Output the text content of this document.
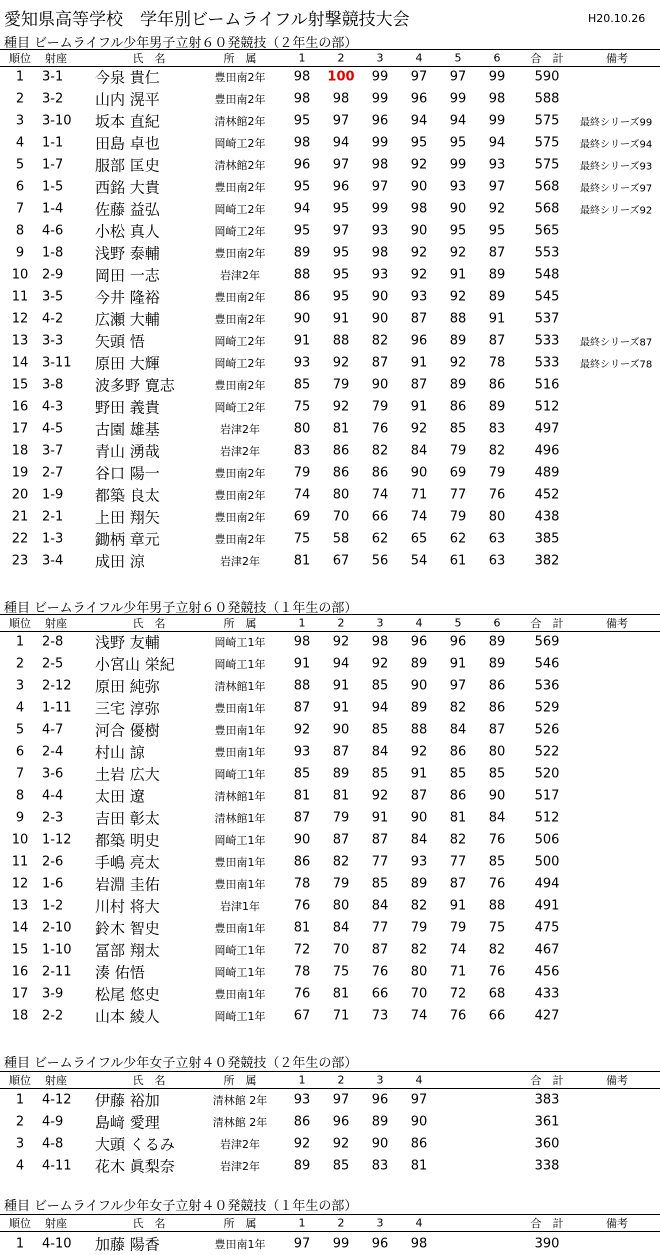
愛知県高等学校　学年別ビームライフル射撃競技大会	H20.10.26
種目 ビームライフル少年男子立射６０発競技（２年生の部）
順位 射座	氏　名	所　属	1	2	3	4	5	6	合　計	備考
1 3-1 今泉 貴仁	豊田南2年 98 100 99 97 97 99 590
2 3-2 山内 滉平	豊田南2年 98 98 99 96 99 98 588
3 3-10 坂本 直紀	清林館2年 95 97 96 94 94 99 575 最終シリーズ99
4 1-1 田島 卓也	岡崎工2年 98 94 99 95 95 94 575 最終シリーズ94
5 1-7 服部 匡史	清林館2年 96 97 98 92 99 93 575 最終シリーズ93
6 1-5 西銘 大貴	豊田南2年 95 96 97 90 93 97 568 最終シリーズ97
7 1-4 佐藤 益弘	岡崎工2年 94 95 99 98 90 92 568 最終シリーズ92
8 4-6 小松 真人	岡崎工2年 95 97 93 90 95 95 565
9 1-8 浅野 泰輔	豊田南2年 89 95 98 92 92 87 553
10 2-9 岡田 一志	岩津2年	88 95 93 92 91 89 548
11 3-5 今井 隆裕	豊田南2年 86 95 90 93 92 89 545
12 4-2 広瀬 大輔	豊田南2年 90 91 90 87 88 91 537
13 3-3 矢頭 悟	岡崎工2年 91 88 82 96 89 87 533 最終シリーズ87
14 3-11 原田 大輝	岡崎工2年 93 92 87 91 92 78 533 最終シリーズ78
15 3-8 波多野 寛志	豊田南2年 85 79 90 87 89 86 516
16 4-3 野田 義貴	岡崎工2年 75 92 79 91 86 89 512
17 4-5 古園 雄基	岩津2年	80 81 76 92 85 83 497
18 3-7 青山 湧哉	岩津2年	83 86 82 84 79 82 496
19 2-7 谷口 陽一	豊田南2年 79 86 86 90 69 79 489
20 1-9 都築 良太	豊田南2年 74 80 74 71 77 76 452
21 2-1 上田 翔矢	豊田南2年 69 70 66 74 79 80 438
22 1-3 鋤柄 章元	豊田南2年 75 58 62 65 62 63 385
23 3-4 成田 涼	岩津2年	81 67 56 54 61 63 382
種目 ビームライフル少年男子立射６０発競技（１年生の部）
順位 射座	氏　名	所　属	1	2	3	4	5	6	合　計	備考
1 2-8 浅野 友輔	岡崎工1年 98 92 98 96 96 89 569
2 2-5 小宮山 栄紀	岡崎工1年 91 94 92 89 91 89 546
3 2-12 原田 純弥	清林館1年 88 91 85 90 97 86 536
4 1-11 三宅 淳弥	豊田南1年 87 91 94 89 82 86 529
5 4-7 河合 優樹	豊田南1年 92 90 85 88 84 87 526
6 2-4 村山 諒	豊田南1年 93 87 84 92 86 80 522
7 3-6 土岩 広大	岡崎工1年 85 89 85 91 85 85 520
8 4-4 太田 遼	清林館1年 81 81 92 87 86 90 517
9 2-3 吉田 彰太	清林館1年 87 79 91 90 81 84 512
10 1-12 都築 明史	岡崎工1年 90 87 87 84 82 76 506
11 2-6 手嶋 亮太	豊田南1年 86 82 77 93 77 85 500
12 1-6 岩淵 圭佑	豊田南1年 78 79 85 89 87 76 494
13 1-2 川村 将大	岩津1年	76 80 84 82 91 88 491
14 2-10 鈴木 智史	豊田南1年 81 84 77 79 79 75 475
15 1-10 冨部 翔太	岡崎工1年 72 70 87 82 74 82 467
16 2-11 湊 佑悟	岡崎工1年 78 75 76 80 71 76 456
17 3-9 松尾 悠史	豊田南1年 76 81 66 70 72 68 433
18 2-2 山本 綾人	岡崎工1年 67 71 73 74 76 66 427
種目 ビームライフル少年女子立射４０発競技（２年生の部）
順位 射座	氏　名	所　属	1	2	3	4	合　計	備考
1 4-12 伊藤 裕加	清林館 2年 93 97 96 97	383
2 4-9 島﨑 愛理	清林館 2年 86 96 89 90	361
3 4-8 大頭 くるみ	岩津2年	92 92 90 86	360
4 4-11 花木 眞梨奈	岩津2年	89 85 83 81	338
種目 ビームライフル少年女子立射４０発競技（１年生の部）
順位 射座	氏　名	所　属	1	2	3	4	合　計	備考
1 4-10 加藤 陽香	豊田南1年 97 99 96 98	390
